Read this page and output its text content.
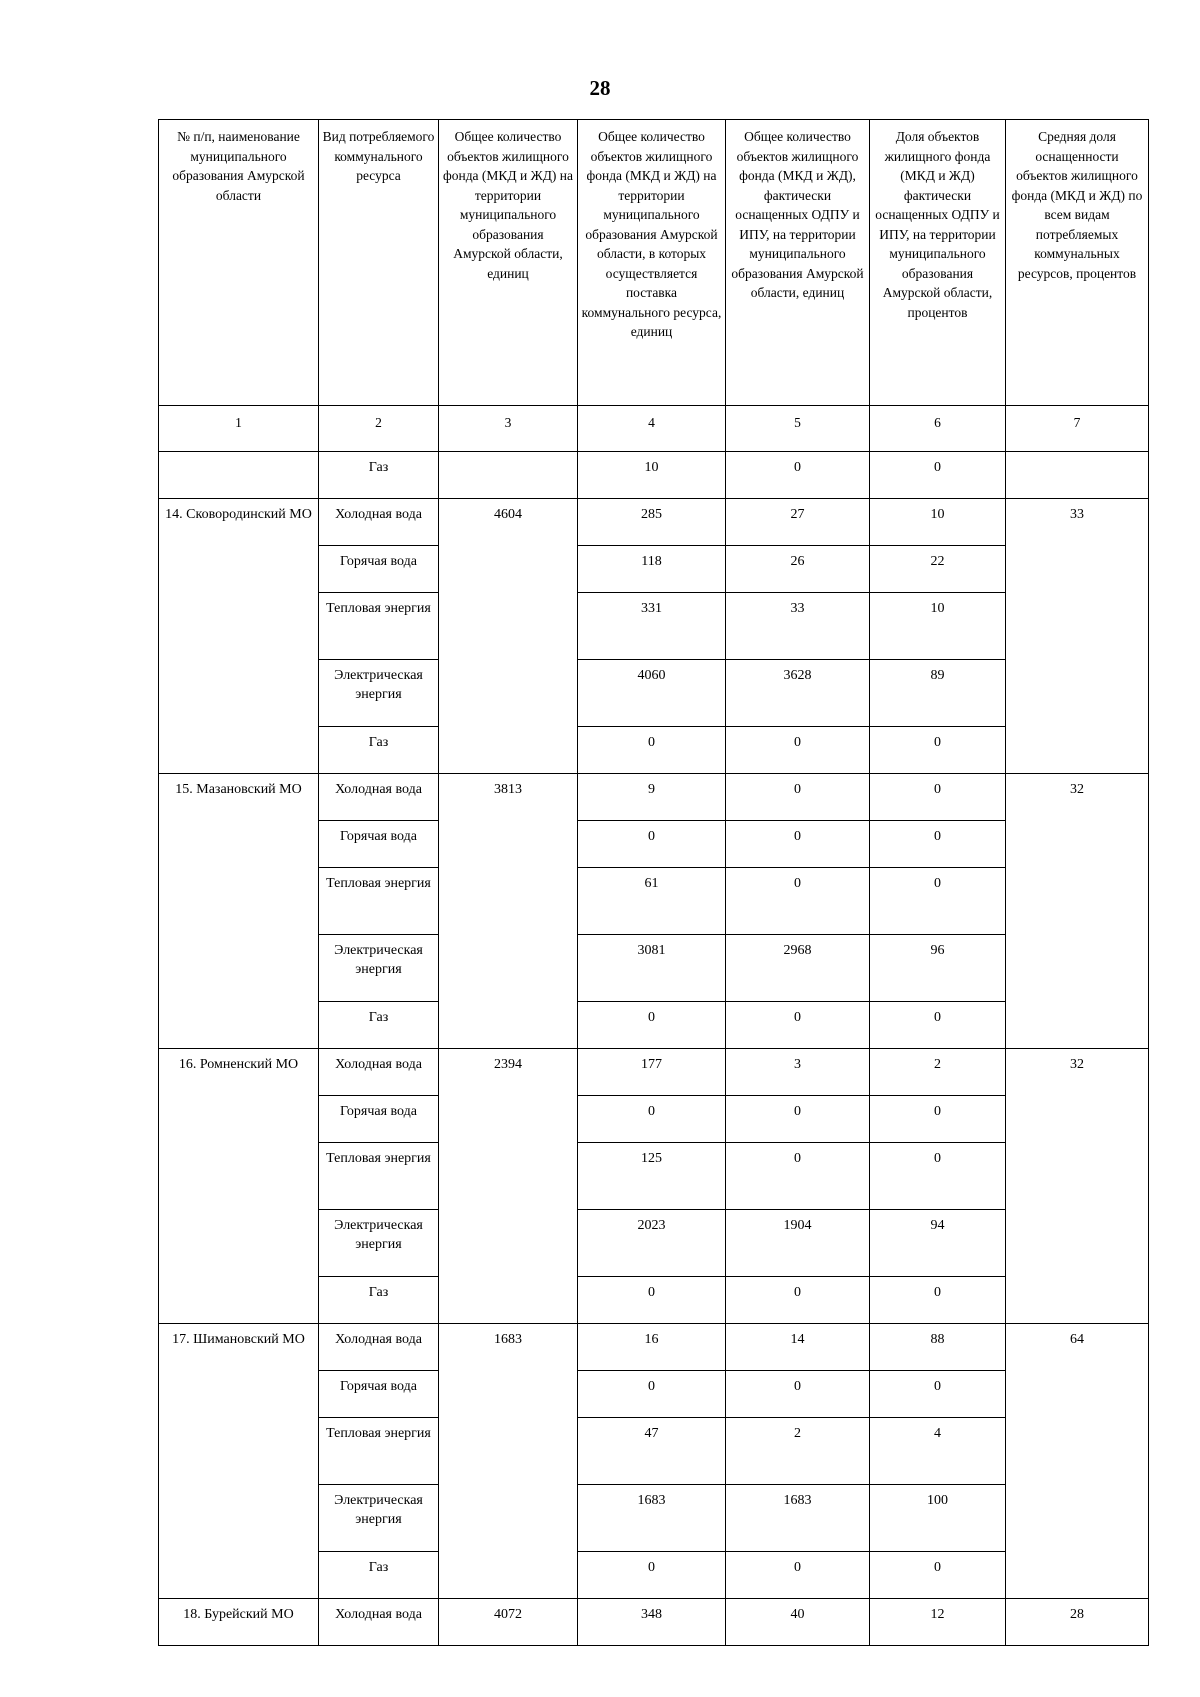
28
№ п/п, наименование муниципального образования Амурской области	Вид потребляемого коммунального ресурса	Общее количество объектов жилищного фонда (МКД и ЖД) на территории муниципального образования Амурской области, единиц	Общее количество объектов жилищного фонда (МКД и ЖД) на территории муниципального образования Амурской области, в которых осуществляется поставка коммунального ресурса, единиц	Общее количество объектов жилищного фонда (МКД и ЖД), фактически оснащенных ОДПУ и ИПУ, на территории муниципального образования Амурской области, единиц	Доля объектов жилищного фонда (МКД и ЖД) фактически оснащенных ОДПУ и ИПУ, на территории муниципального образования Амурской области, процентов	Средняя доля оснащенности объектов жилищного фонда (МКД и ЖД) по всем видам потребляемых коммунальных ресурсов, процентов
1	2	3	4	5	6	7
	Газ		10	0	0	
14. Сковородинский МО	Холодная вода	4604	285	27	10	33
	Горячая вода		118	26	22	
	Тепловая энергия		331	33	10	
	Электрическая энергия		4060	3628	89	
	Газ		0	0	0	
15. Мазановский МО	Холодная вода	3813	9	0	0	32
	Горячая вода		0	0	0	
	Тепловая энергия		61	0	0	
	Электрическая энергия		3081	2968	96	
	Газ		0	0	0	
16. Ромненский МО	Холодная вода	2394	177	3	2	32
	Горячая вода		0	0	0	
	Тепловая энергия		125	0	0	
	Электрическая энергия		2023	1904	94	
	Газ		0	0	0	
17. Шимановский МО	Холодная вода	1683	16	14	88	64
	Горячая вода		0	0	0	
	Тепловая энергия		47	2	4	
	Электрическая энергия		1683	1683	100	
	Газ		0	0	0	
18. Бурейский МО	Холодная вода	4072	348	40	12	28
